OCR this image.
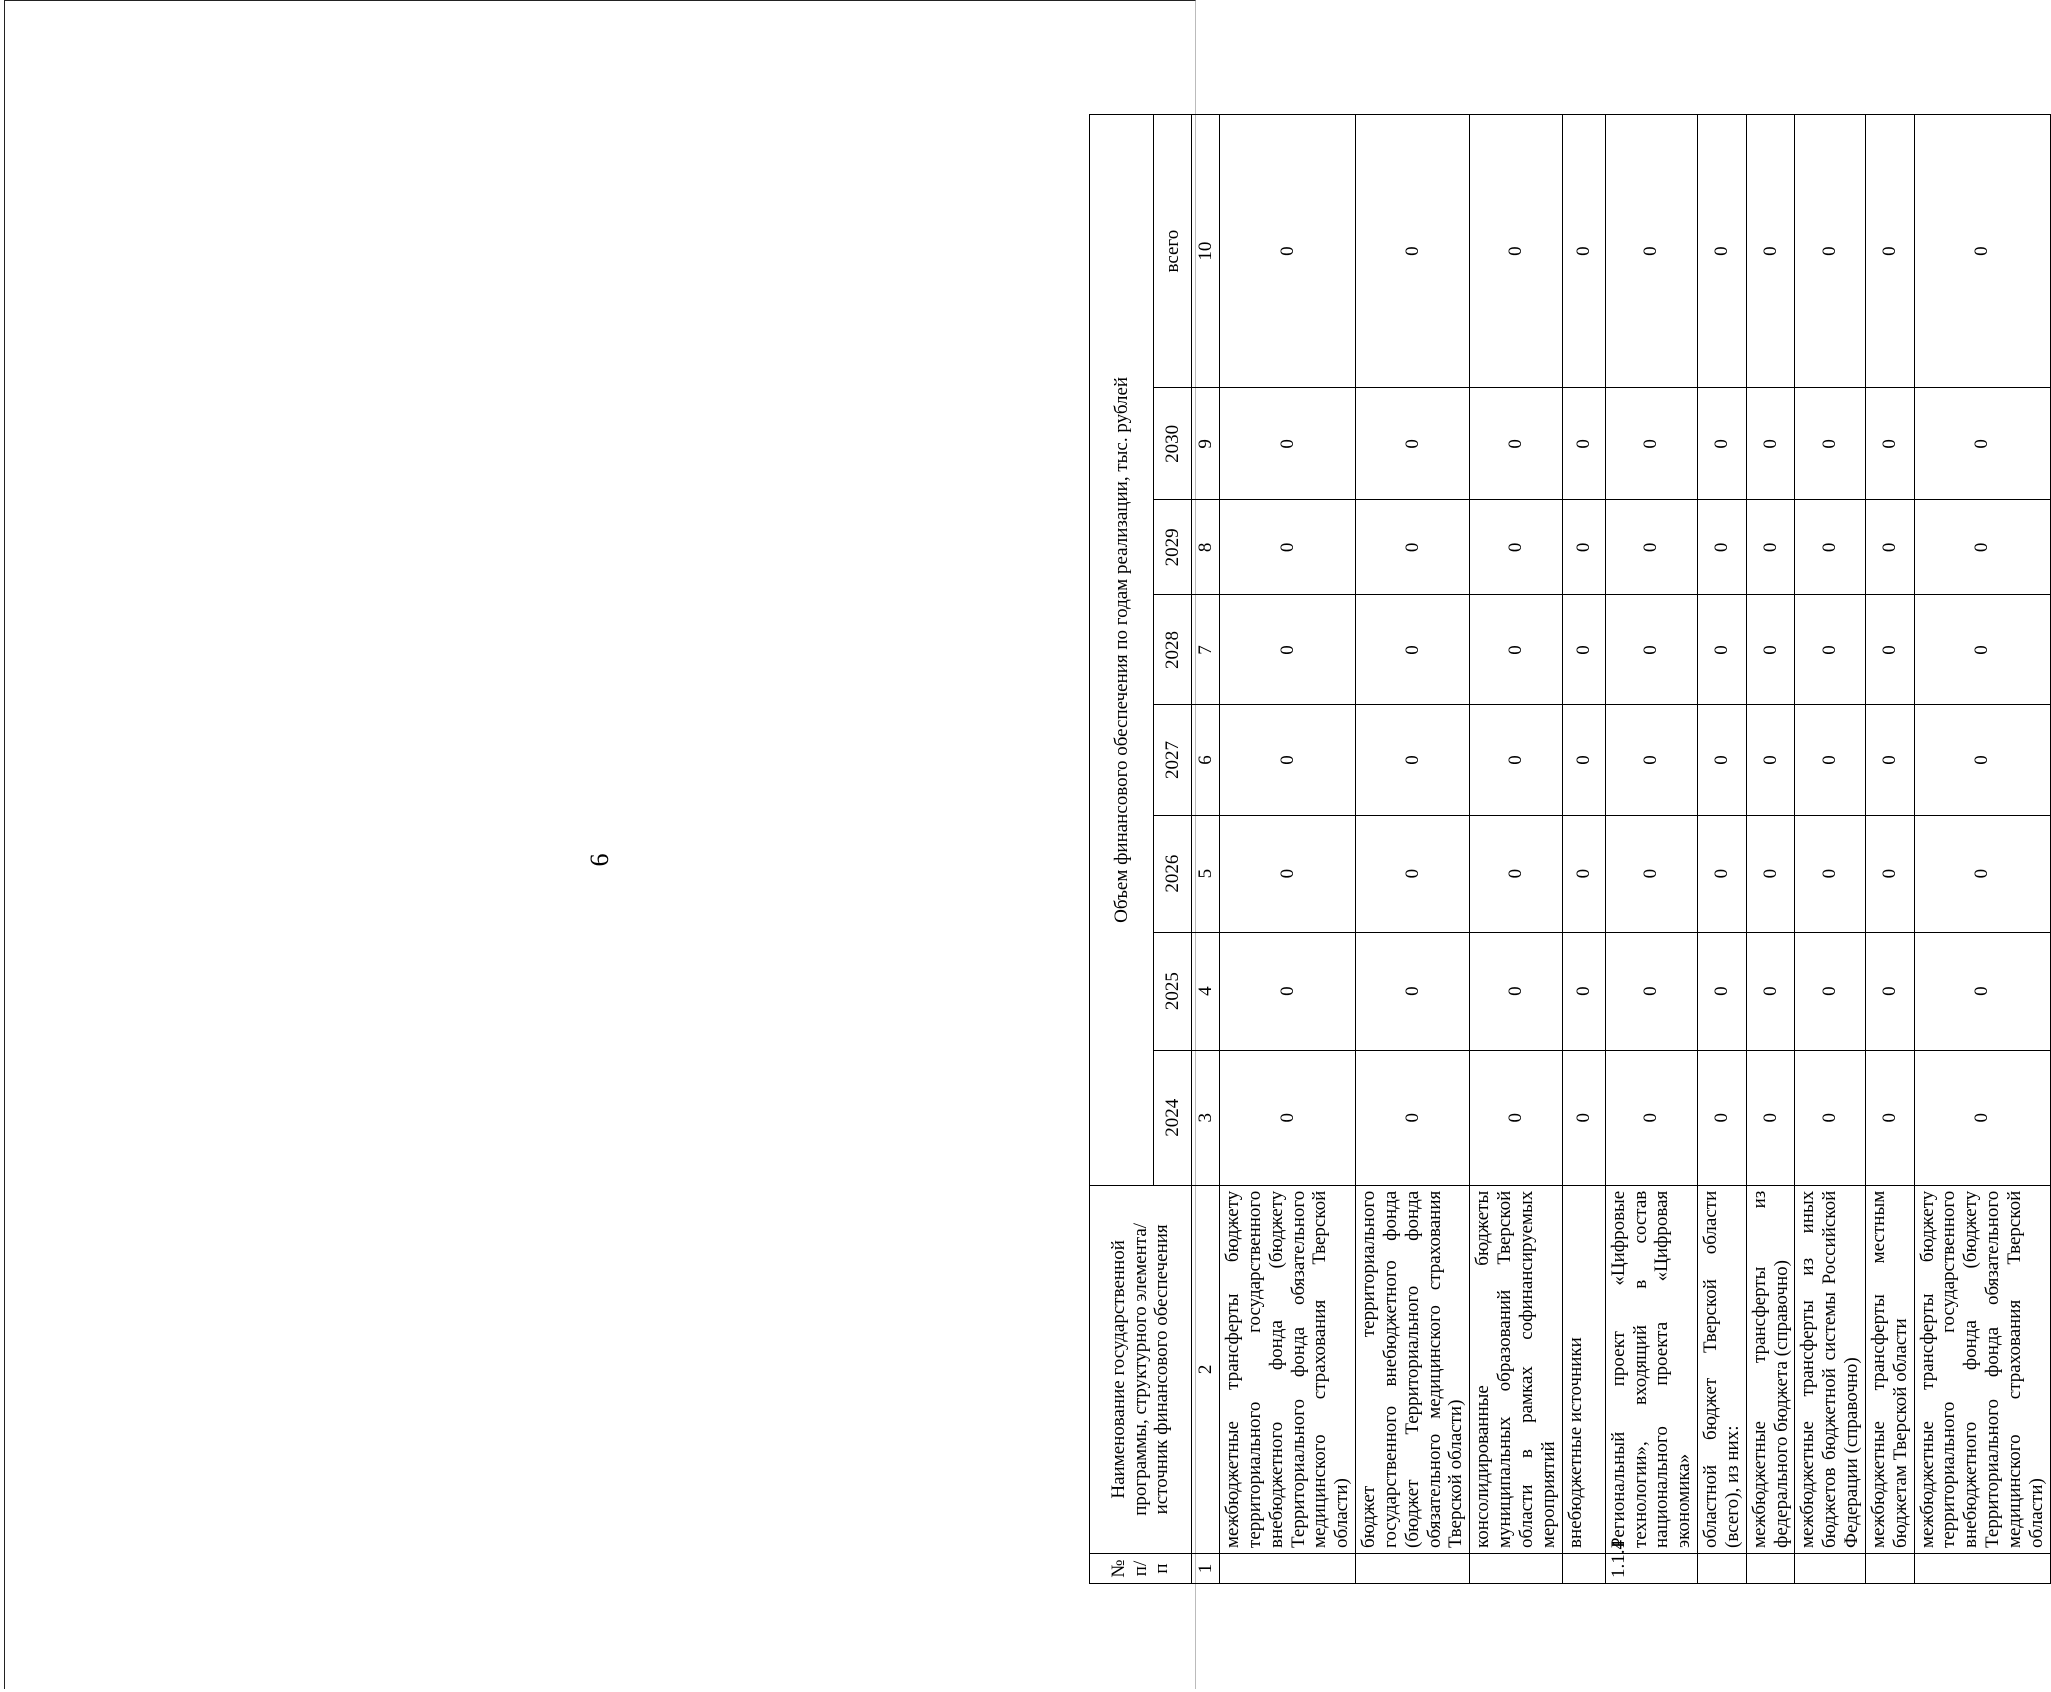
6
№ п/п	Наименование государственной программы, структурного элемента/источник финансового обеспечения	Объем финансового обеспечения по годам реализации, тыс. рублей							
		2024	2025	2026	2027	2028	2029	2030	всего
1	2	3	4	5	6	7	8	9	10
	межбюджетные трансферты бюджету территориального государственного внебюджетного фонда (бюджету Территориального фонда обязательного медицинского страхования Тверской области)	0	0	0	0	0	0	0	0
	бюджет территориального государственного внебюджетного фонда (бюджет Территориального фонда обязательного медицинского страхования Тверской области)	0	0	0	0	0	0	0	0
	консолидированные бюджеты муниципальных образований Тверской области в рамках софинансируемых мероприятий	0	0	0	0	0	0	0	0
	внебюджетные источники	0	0	0	0	0	0	0	0
1.1.4	Региональный проект «Цифровые технологии», входящий в состав национального проекта «Цифровая экономика»	0	0	0	0	0	0	0	0
	областной бюджет Тверской области (всего), из них:	0	0	0	0	0	0	0	0
	межбюджетные трансферты из федерального бюджета (справочно)	0	0	0	0	0	0	0	0
	межбюджетные трансферты из иных бюджетов бюджетной системы Российской Федерации (справочно)	0	0	0	0	0	0	0	0
	межбюджетные трансферты местным бюджетам Тверской области	0	0	0	0	0	0	0	0
	межбюджетные трансферты бюджету территориального государственного внебюджетного фонда (бюджету Территориального фонда обязательного медицинского страхования Тверской области)	0	0	0	0	0	0	0	0
